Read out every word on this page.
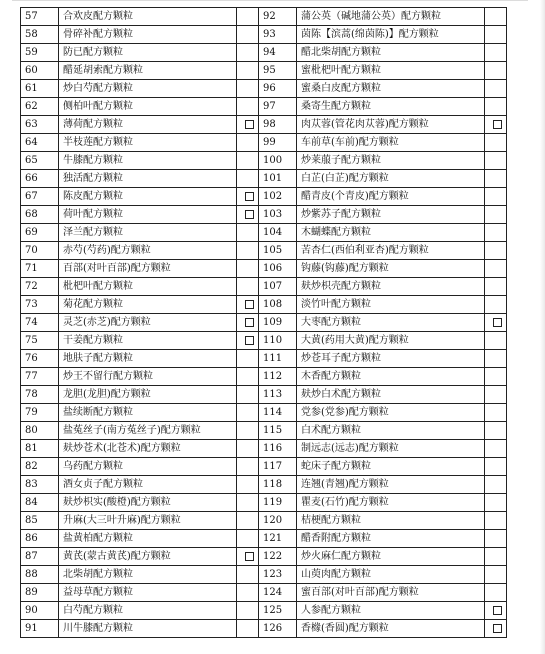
57	合欢皮配方颗粒		92	蒲公英（碱地蒲公英）配方颗粒	
58	骨碎补配方颗粒		93	茵陈【滨蒿(绵茵陈)】配方颗粒	
59	防已配方颗粒		94	醋北柴胡配方颗粒	
60	醋延胡索配方颗粒		95	蜜枇杷叶配方颗粒	
61	炒白芍配方颗粒		96	蜜桑白皮配方颗粒	
62	侧柏叶配方颗粒		97	桑寄生配方颗粒	
63	薄荷配方颗粒		98	肉苁蓉(管花肉苁蓉)配方颗粒	
64	半枝莲配方颗粒		99	车前草(车前)配方颗粒	
65	牛膝配方颗粒		100	炒莱菔子配方颗粒	
66	独活配方颗粒		101	白芷(白芷)配方颗粒	
67	陈皮配方颗粒		102	醋青皮(个青皮)配方颗粒	
68	荷叶配方颗粒		103	炒紫苏子配方颗粒	
69	泽兰配方颗粒		104	木蝴蝶配方颗粒	
70	赤芍(芍药)配方颗粒		105	苦杏仁(西伯利亚杏)配方颗粒	
71	百部(对叶百部)配方颗粒		106	钩藤(钩藤)配方颗粒	
72	枇杷叶配方颗粒		107	麸炒枳壳配方颗粒	
73	菊花配方颗粒		108	淡竹叶配方颗粒	
74	灵芝(赤芝)配方颗粒		109	大枣配方颗粒	
75	干姜配方颗粒		110	大黄(药用大黄)配方颗粒	
76	地肤子配方颗粒		111	炒苍耳子配方颗粒	
77	炒王不留行配方颗粒		112	木香配方颗粒	
78	龙胆(龙胆)配方颗粒		113	麸炒白术配方颗粒	
79	盐续断配方颗粒		114	党参(党参)配方颗粒	
80	盐菟丝子(南方菟丝子)配方颗粒		115	白术配方颗粒	
81	麸炒苍术(北苍术)配方颗粒		116	制远志(远志)配方颗粒	
82	乌药配方颗粒		117	蛇床子配方颗粒	
83	酒女贞子配方颗粒		118	连翘(青翘)配方颗粒	
84	麸炒枳实(酸橙)配方颗粒		119	瞿麦(石竹)配方颗粒	
85	升麻(大三叶升麻)配方颗粒		120	桔梗配方颗粒	
86	盐黄柏配方颗粒		121	醋香附配方颗粒	
87	黄芪(蒙古黄芪)配方颗粒		122	炒火麻仁配方颗粒	
88	北柴胡配方颗粒		123	山萸肉配方颗粒	
89	益母草配方颗粒		124	蜜百部(对叶百部)配方颗粒	
90	白芍配方颗粒		125	人参配方颗粒	
91	川牛膝配方颗粒		126	香橼(香圆)配方颗粒	
